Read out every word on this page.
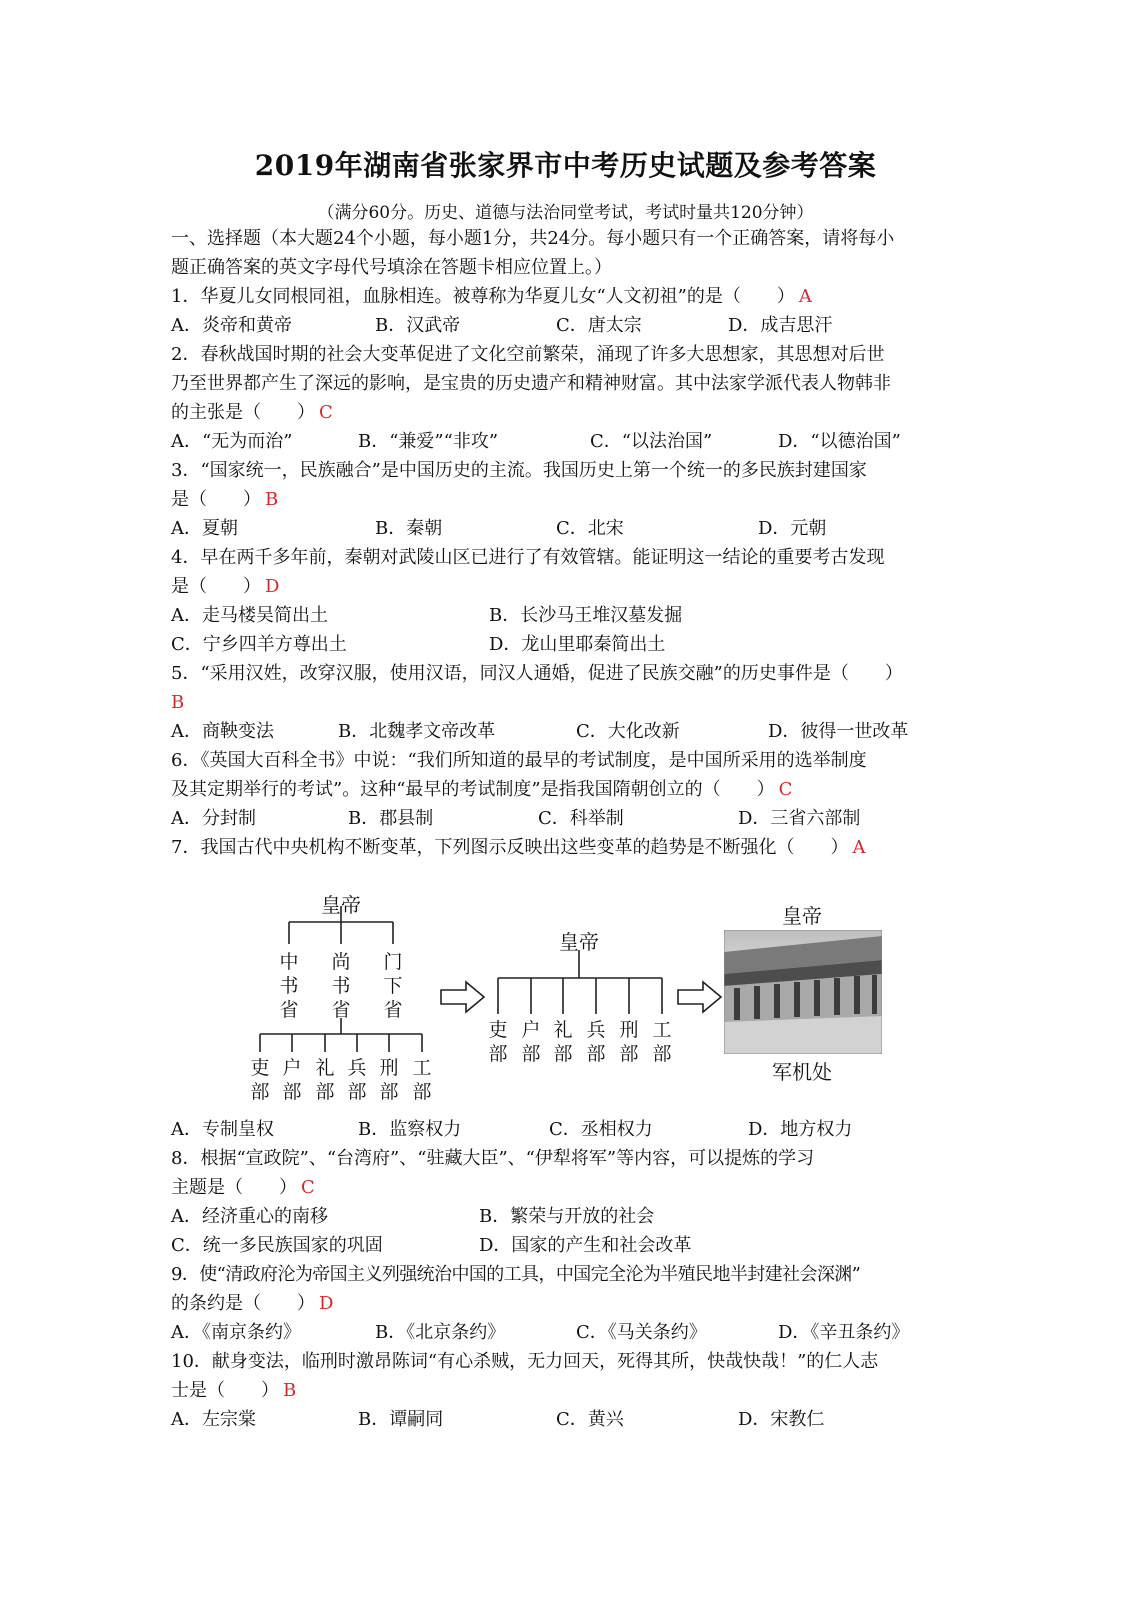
2019年湖南省张家界市中考历史试题及参考答案
（满分60分。历史、道德与法治同堂考试，考试时量共120分钟）
一、选择题（本大题24个小题，每小题1分，共24分。每小题只有一个正确答案，请将每小
题正确答案的英文字母代号填涂在答题卡相应位置上。）
1．华夏儿女同根同祖，血脉相连。被尊称为华夏儿女“人文初祖”的是（　　） A
A．炎帝和黄帝	B．汉武帝	C．唐太宗	D．成吉思汗
2．春秋战国时期的社会大变革促进了文化空前繁荣，涌现了许多大思想家，其思想对后世
乃至世界都产生了深远的影响，是宝贵的历史遗产和精神财富。其中法家学派代表人物韩非
的主张是（　　） C
A．“无为而治”	B．“兼爱”“非攻”	C．“以法治国”	D．“以德治国”
3．“国家统一，民族融合”是中国历史的主流。我国历史上第一个统一的多民族封建国家
是（　　） B
A．夏朝	B．秦朝	C．北宋	D．元朝
4．早在两千多年前，秦朝对武陵山区已进行了有效管辖。能证明这一结论的重要考古发现
是（　　） D
A．走马楼吴简出土	B．长沙马王堆汉墓发掘
C．宁乡四羊方尊出土	D．龙山里耶秦简出土
5．“采用汉姓，改穿汉服，使用汉语，同汉人通婚，促进了民族交融”的历史事件是（　　）
B
A．商鞅变法	B．北魏孝文帝改革	C．大化改新	D．彼得一世改革
6．《英国大百科全书》中说：“我们所知道的最早的考试制度，是中国所采用的选举制度
及其定期举行的考试”。这种“最早的考试制度”是指我国隋朝创立的（　　） C
A．分封制	B．郡县制	C．科举制	D．三省六部制
7．我国古代中央机构不断变革，下列图示反映出这些变革的趋势是不断强化（　　） A
皇帝
中书省
尚书省
门下省
吏部
户部
礼部
兵部
刑部
工部
皇帝
吏部
户部
礼部
兵部
刑部
工部
皇帝
军机处
A．专制皇权	B．监察权力	C．丞相权力	D．地方权力
8．根据“宣政院”、“台湾府”、“驻藏大臣”、“伊犁将军”等内容，可以提炼的学习
主题是（　　） C
A．经济重心的南移	B．繁荣与开放的社会
C．统一多民族国家的巩固	D．国家的产生和社会改革
9．使“清政府沦为帝国主义列强统治中国的工具，中国完全沦为半殖民地半封建社会深渊”
的条约是（　　） D
A．《南京条约》	B．《北京条约》	C．《马关条约》	D．《辛丑条约》
10．献身变法，临刑时激昂陈词“有心杀贼，无力回天，死得其所，快哉快哉！”的仁人志
士是（　　） B
A．左宗棠	B．谭嗣同	C．黄兴	D．宋教仁
